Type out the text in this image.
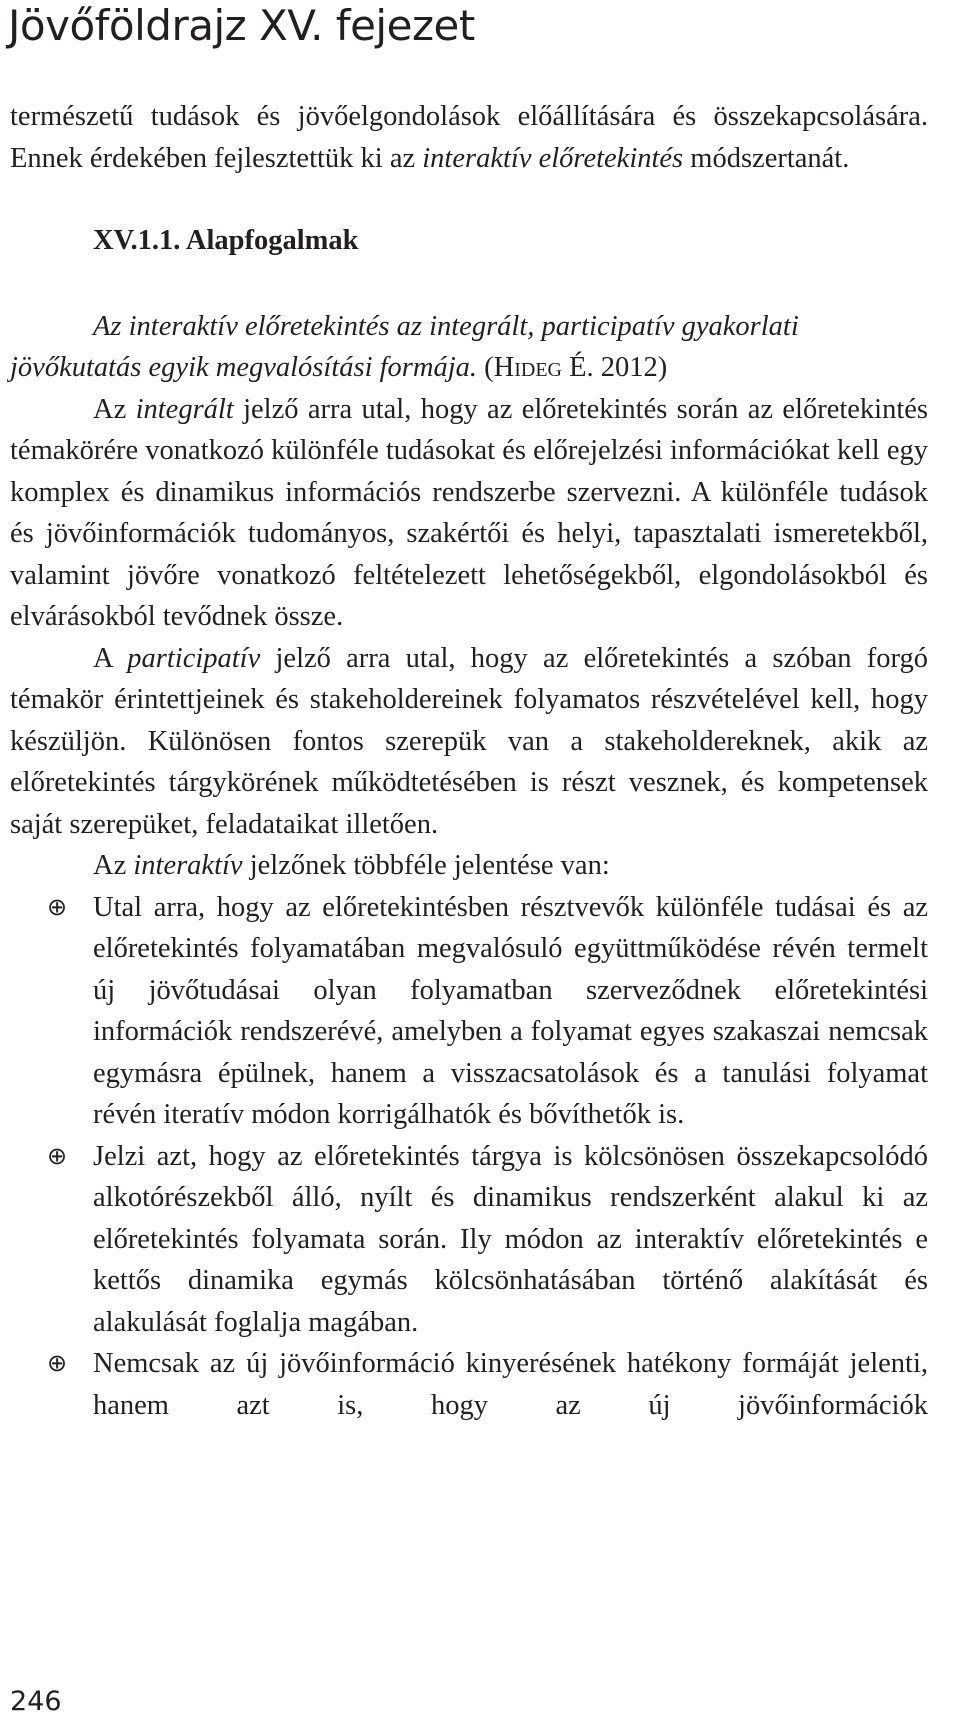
Jövőföldrajz XV. fejezet

természetű tudások és jövőelgondolások előállítására és összekapcsolására. Ennek érdekében fejlesztettük ki az interaktív előretekintés módszertanát.

XV.1.1. Alapfogalmak

Az interaktív előretekintés az integrált, participatív gyakorlati jövőkutatás egyik megvalósítási formája. (Hideg É. 2012)

Az integrált jelző arra utal, hogy az előretekintés során az előretekintés témakörére vonatkozó különféle tudásokat és előrejelzési információkat kell egy komplex és dinamikus információs rendszerbe szervezni. A különféle tudások és jövőinformációk tudományos, szakértői és helyi, tapasztalati ismeretekből, valamint jövőre vonatkozó feltételezett lehetőségekből, elgondolásokból és elvárásokból tevődnek össze.

A participatív jelző arra utal, hogy az előretekintés a szóban forgó témakör érintettjeinek és stakeholdereinek folyamatos részvételével kell, hogy készüljön. Különösen fontos szerepük van a stakeholdereknek, akik az előretekintés tárgykörének működtetésében is részt vesznek, és kompetensek saját szerepüket, feladataikat illetően.

Az interaktív jelzőnek többféle jelentése van:

⊕ Utal arra, hogy az előretekintésben résztvevők különféle tudásai és az előretekintés folyamatában megvalósuló együttműködése révén termelt új jövőtudásai olyan folyamatban szerveződnek előretekintési információk rendszerévé, amelyben a folyamat egyes szakaszai nemcsak egymásra épülnek, hanem a visszacsatolások és a tanulási folyamat révén iteratív módon korrigálhatók és bővíthetők is.
⊕ Jelzi azt, hogy az előretekintés tárgya is kölcsönösen összekapcsolódó alkotórészekből álló, nyílt és dinamikus rendszerként alakul ki az előretekintés folyamata során. Ily módon az interaktív előretekintés e kettős dinamika egymás kölcsönhatásában történő alakítását és alakulását foglalja magában.
⊕ Nemcsak az új jövőinformáció kinyerésének hatékony formáját jelenti, hanem azt is, hogy az új jövőinformációk
246
